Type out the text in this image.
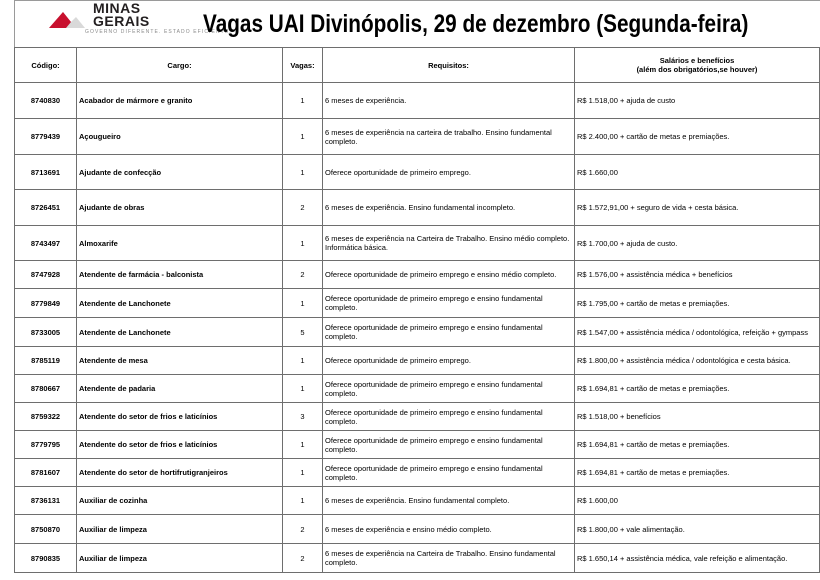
MINAS
GERAIS
GOVERNO DIFERENTE. ESTADO EFICIENTE.
Vagas UAI Divinópolis, 29 de dezembro (Segunda-feira)
Código:	Cargo:	Vagas:	Requisitos:	Salários e benefícios
(além dos obrigatórios,se houver)

8740830	Acabador de mármore e granito	1	6 meses de experiência.	R$ 1.518,00 + ajuda de custo
8779439	Açougueiro	1	6 meses de experiência na carteira de trabalho. Ensino fundamental completo.	R$ 2.400,00 + cartão de metas e premiações.
8713691	Ajudante de confecção	1	Oferece oportunidade de primeiro emprego.	R$ 1.660,00
8726451	Ajudante de obras	2	6 meses de experiência. Ensino fundamental incompleto.	R$ 1.572,91,00 + seguro de vida + cesta básica.
8743497	Almoxarife	1	6 meses de experiência na Carteira de Trabalho. Ensino médio completo. Informática básica.	R$ 1.700,00 + ajuda de custo.
8747928	Atendente de farmácia - balconista	2	Oferece oportunidade de primeiro emprego e ensino médio completo.	R$ 1.576,00 + assistência médica + benefícios
8779849	Atendente de Lanchonete	1	Oferece oportunidade de primeiro emprego e ensino fundamental completo.	R$ 1.795,00 + cartão de metas e premiações.
8733005	Atendente de Lanchonete	5	Oferece oportunidade de primeiro emprego e ensino fundamental completo.	R$ 1.547,00 + assistência médica / odontológica, refeição + gympass
8785119	Atendente de mesa	1	Oferece oportunidade de primeiro emprego.	R$ 1.800,00 + assistência médica / odontológica e cesta básica.
8780667	Atendente de padaria	1	Oferece oportunidade de primeiro emprego e ensino fundamental completo.	R$ 1.694,81 + cartão de metas e premiações.
8759322	Atendente do setor de frios e laticínios	3	Oferece oportunidade de primeiro emprego e ensino fundamental completo.	R$ 1.518,00 + benefícios
8779795	Atendente do setor de frios e laticínios	1	Oferece oportunidade de primeiro emprego e ensino fundamental completo.	R$ 1.694,81 + cartão de metas e premiações.
8781607	Atendente do setor de hortifrutigranjeiros	1	Oferece oportunidade de primeiro emprego e ensino fundamental completo.	R$ 1.694,81 + cartão de metas e premiações.
8736131	Auxiliar de cozinha	1	6 meses de experiência. Ensino fundamental completo.	R$ 1.600,00
8750870	Auxiliar de limpeza	2	6 meses de experiência e ensino médio completo.	R$ 1.800,00 + vale alimentação.
8790835	Auxiliar de limpeza	2	6 meses de experiência na Carteira de Trabalho. Ensino fundamental completo.	R$ 1.650,14 + assistência médica, vale refeição e alimentação.
